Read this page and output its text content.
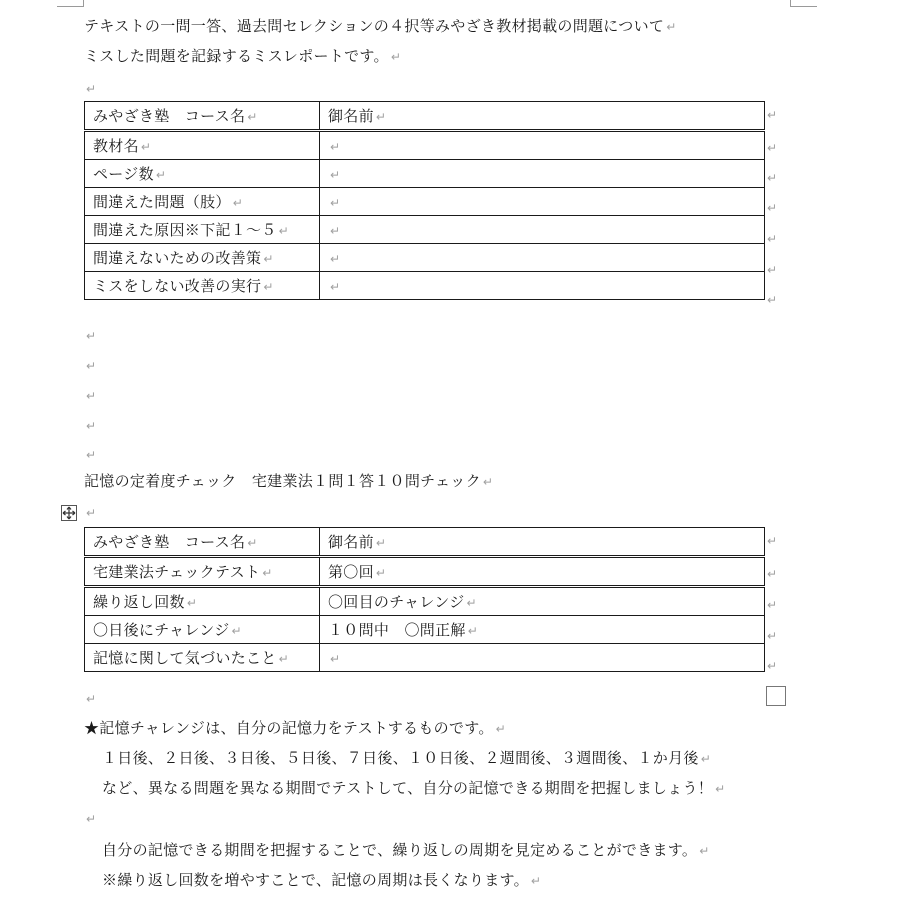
テキストの一問一答、過去問セレクションの４択等みやざき教材掲載の問題について ↵
ミスした問題を記録するミスレポートです。 ↵
↵
みやざき塾　コース名 ↵	御名前 ↵
教材名 ↵	↵
ページ数 ↵	↵
間違えた問題（肢） ↵	↵
間違えた原因※下記１～５ ↵	↵
間違えないための改善策 ↵	↵
ミスをしない改善の実行 ↵	↵
↵
↵
↵
↵
↵
↵
↵
↵
↵
↵
↵
↵
記憶の定着度チェック　宅建業法１問１答１０問チェック ↵
↵
みやざき塾　コース名 ↵	御名前 ↵
宅建業法チェックテスト ↵	第〇回 ↵
繰り返し回数 ↵	〇回目のチャレンジ ↵
〇日後にチャレンジ ↵	１０問中　〇問正解 ↵
記憶に関して気づいたこと ↵	↵
↵
↵
↵
↵
↵
↵
★記憶チャレンジは、自分の記憶力をテストするものです。 ↵
１日後、２日後、３日後、５日後、７日後、１０日後、２週間後、３週間後、１か月後 ↵
など、異なる問題を異なる期間でテストして、自分の記憶できる期間を把握しましょう！ ↵
↵
自分の記憶できる期間を把握することで、繰り返しの周期を見定めることができます。 ↵
※繰り返し回数を増やすことで、記憶の周期は長くなります。 ↵
